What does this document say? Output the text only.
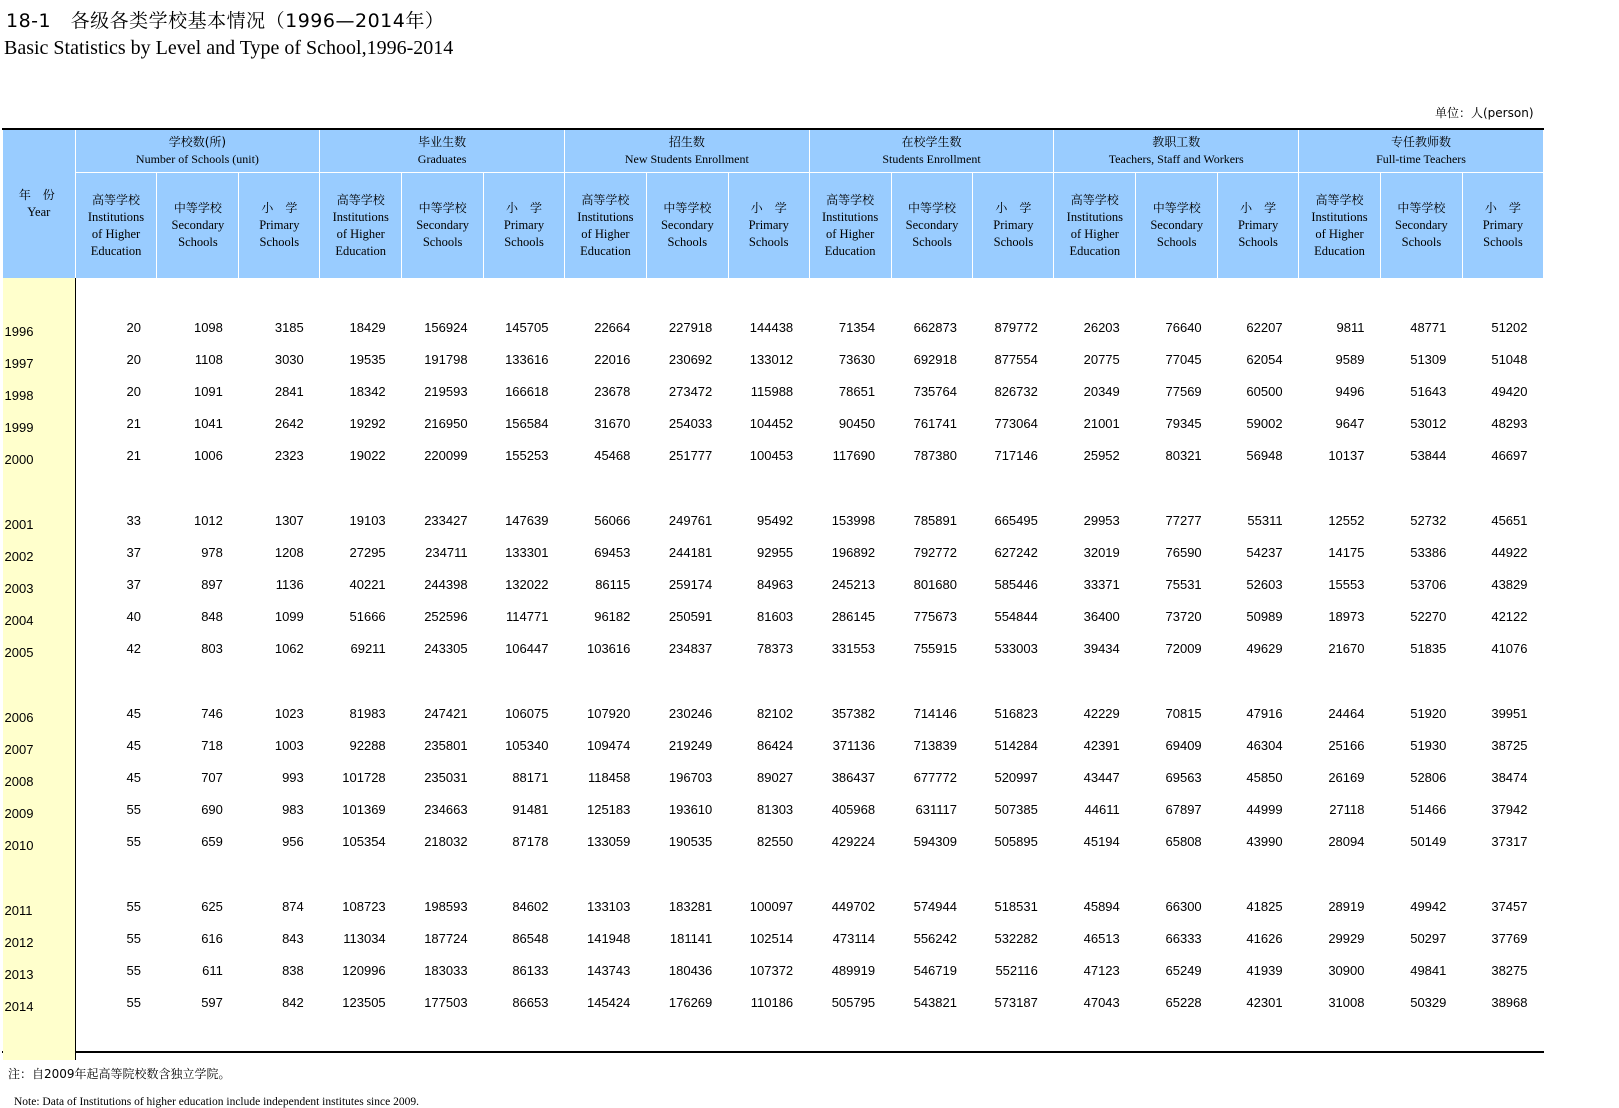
18-1　各级各类学校基本情况（1996—2014年）
Basic Statistics by Level and Type of School,1996-2014
单位：人(person)
年 份
Year	学校数(所)
Number of Schools (unit)			毕业生数
Graduates			招生数
New Students Enrollment			在校学生数
Students Enrollment			教职工数
Teachers, Staff and Workers			专任教师数
Full-time Teachers		

	高等学校
Institutions
of Higher
Education	中等学校
Secondary
Schools	小　学
Primary
Schools	高等学校
Institutions
of Higher
Education	中等学校
Secondary
Schools	小　学
Primary
Schools	高等学校
Institutions
of Higher
Education	中等学校
Secondary
Schools	小　学
Primary
Schools	高等学校
Institutions
of Higher
Education	中等学校
Secondary
Schools	小　学
Primary
Schools	高等学校
Institutions
of Higher
Education	中等学校
Secondary
Schools	小　学
Primary
Schools	高等学校
Institutions
of Higher
Education	中等学校
Secondary
Schools	小　学
Primary
Schools

1996	20	1098	3185	18429	156924	145705	22664	227918	144438	71354	662873	879772	26203	76640	62207	9811	48771	51202
1997	20	1108	3030	19535	191798	133616	22016	230692	133012	73630	692918	877554	20775	77045	62054	9589	51309	51048
1998	20	1091	2841	18342	219593	166618	23678	273472	115988	78651	735764	826732	20349	77569	60500	9496	51643	49420
1999	21	1041	2642	19292	216950	156584	31670	254033	104452	90450	761741	773064	21001	79345	59002	9647	53012	48293
2000	21	1006	2323	19022	220099	155253	45468	251777	100453	117690	787380	717146	25952	80321	56948	10137	53844	46697

2001	33	1012	1307	19103	233427	147639	56066	249761	95492	153998	785891	665495	29953	77277	55311	12552	52732	45651
2002	37	978	1208	27295	234711	133301	69453	244181	92955	196892	792772	627242	32019	76590	54237	14175	53386	44922
2003	37	897	1136	40221	244398	132022	86115	259174	84963	245213	801680	585446	33371	75531	52603	15553	53706	43829
2004	40	848	1099	51666	252596	114771	96182	250591	81603	286145	775673	554844	36400	73720	50989	18973	52270	42122
2005	42	803	1062	69211	243305	106447	103616	234837	78373	331553	755915	533003	39434	72009	49629	21670	51835	41076

2006	45	746	1023	81983	247421	106075	107920	230246	82102	357382	714146	516823	42229	70815	47916	24464	51920	39951
2007	45	718	1003	92288	235801	105340	109474	219249	86424	371136	713839	514284	42391	69409	46304	25166	51930	38725
2008	45	707	993	101728	235031	88171	118458	196703	89027	386437	677772	520997	43447	69563	45850	26169	52806	38474
2009	55	690	983	101369	234663	91481	125183	193610	81303	405968	631117	507385	44611	67897	44999	27118	51466	37942
2010	55	659	956	105354	218032	87178	133059	190535	82550	429224	594309	505895	45194	65808	43990	28094	50149	37317

2011	55	625	874	108723	198593	84602	133103	183281	100097	449702	574944	518531	45894	66300	41825	28919	49942	37457
2012	55	616	843	113034	187724	86548	141948	181141	102514	473114	556242	532282	46513	66333	41626	29929	50297	37769
2013	55	611	838	120996	183033	86133	143743	180436	107372	489919	546719	552116	47123	65249	41939	30900	49841	38275
2014	55	597	842	123505	177503	86653	145424	176269	110186	505795	543821	573187	47043	65228	42301	31008	50329	38968

注：自2009年起高等院校数含独立学院。
Note: Data of Institutions of higher education include independent institutes since 2009.
